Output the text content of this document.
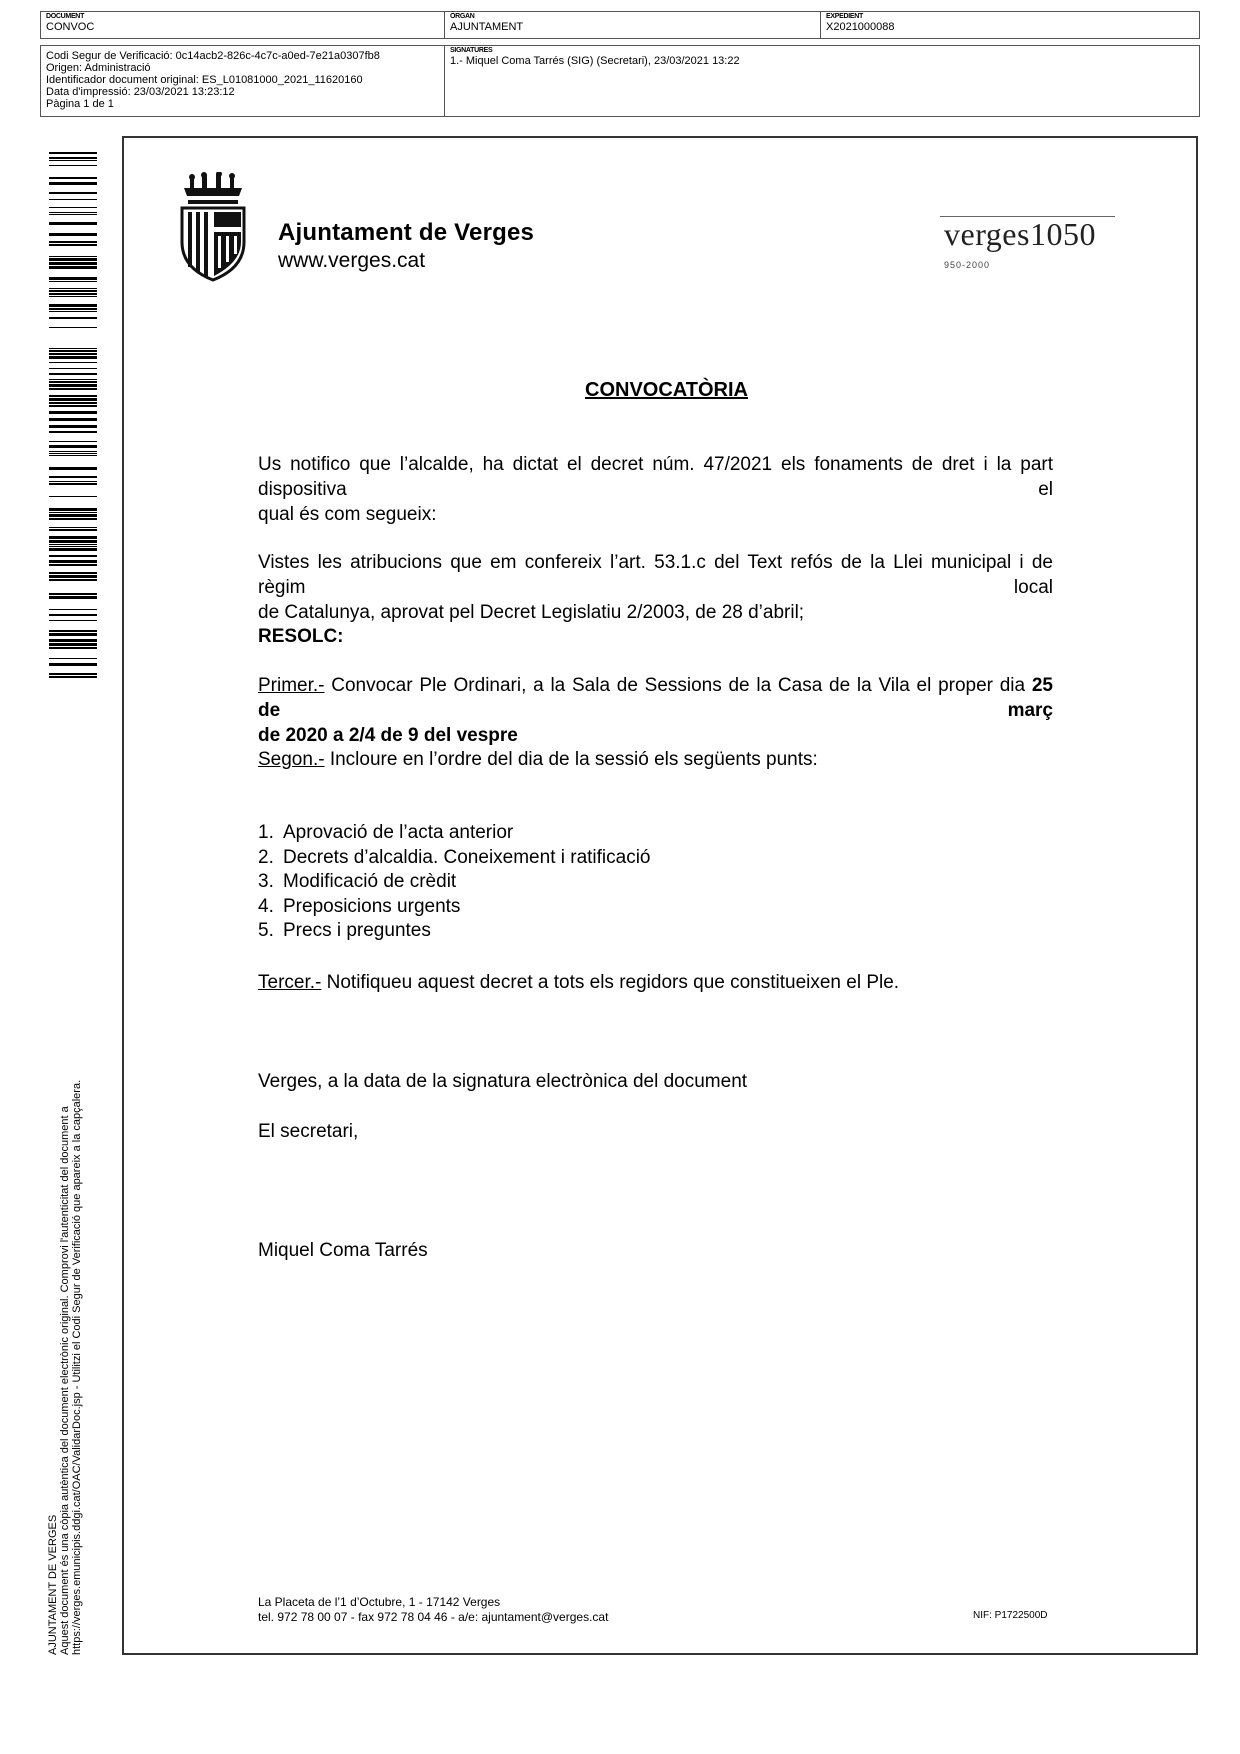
DOCUMENT
CONVOC
ÒRGAN
AJUNTAMENT
EXPEDIENT
X2021000088
Codi Segur de Verificació: 0c14acb2-826c-4c7c-a0ed-7e21a0307fb8
Origen: Administració
Identificador document original: ES_L01081000_2021_11620160
Data d'impressió: 23/03/2021 13:23:12
Pàgina 1 de 1
SIGNATURES
1.- Miquel Coma Tarrés (SIG) (Secretari), 23/03/2021 13:22
AJUNTAMENT DE VERGES Aquest document és una còpia autèntica del document electrònic original. Comprovi l'autenticitat del document a https://verges.emunicipis.ddgi.cat/OAC/ValidarDoc.jsp - Utilitzi el Codi Segur de Verificació que apareix a la capçalera.
Ajuntament de Verges
www.verges.cat
verges1050
950-2000
CONVOCATÒRIA
Us notifico que l’alcalde, ha dictat el decret núm. 47/2021 els fonaments de dret i la part dispositiva el
qual és com segueix:
Vistes les atribucions que em confereix l’art. 53.1.c del Text refós de la Llei municipal i de règim local
de Catalunya, aprovat pel Decret Legislatiu 2/2003, de 28 d’abril;
RESOLC:
Primer.- Convocar Ple Ordinari, a la Sala de Sessions de la Casa de la Vila el proper dia 25 de març
de 2020 a 2/4 de 9 del vespre
Segon.- Incloure en l’ordre del dia de la sessió els següents punts:
1. Aprovació de l’acta anterior
2. Decrets d’alcaldia. Coneixement i ratificació
3. Modificació de crèdit
4. Preposicions urgents
5. Precs i preguntes
Tercer.- Notifiqueu aquest decret a tots els regidors que constitueixen el Ple.
Verges, a la data de la signatura electrònica del document
El secretari,
Miquel Coma Tarrés
La Placeta de l’1 d’Octubre, 1 - 17142 Verges
tel. 972 78 00 07 - fax 972 78 04 46 - a/e: ajuntament@verges.cat	NIF: P1722500D
